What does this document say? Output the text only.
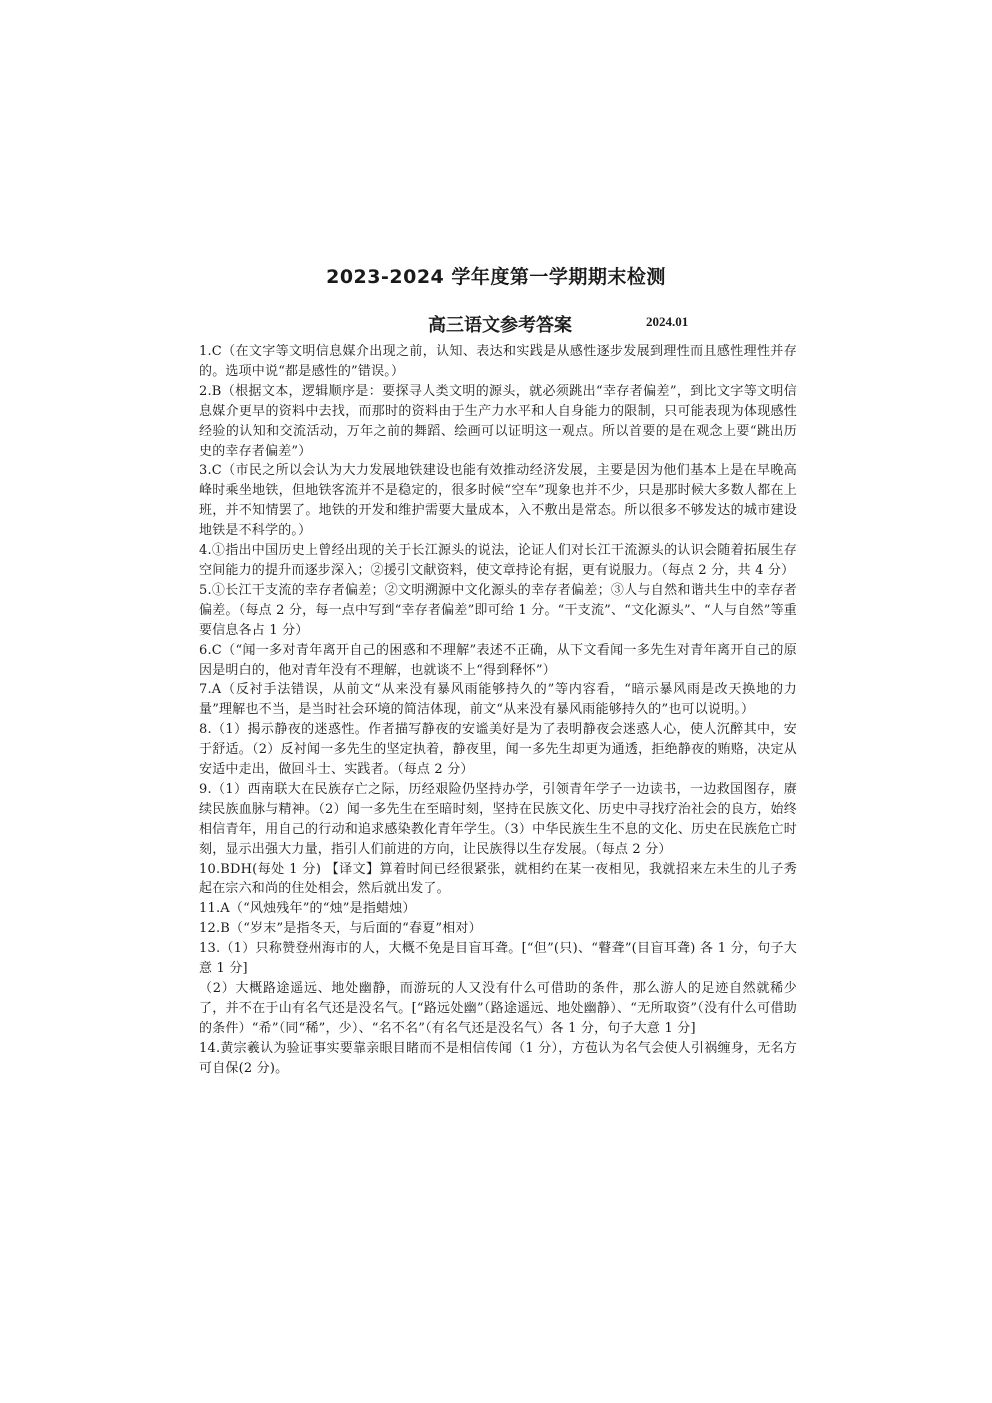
2023-2024 学年度第一学期期末检测
高三语文参考答案	2024.01

1.C（在文字等文明信息媒介出现之前，认知、表达和实践是从感性逐步发展到理性而且感性理性并存的。选项中说“都是感性的”错误。）

2.B（根据文本，逻辑顺序是：要探寻人类文明的源头，就必须跳出“幸存者偏差”，到比文字等文明信息媒介更早的资料中去找，而那时的资料由于生产力水平和人自身能力的限制，只可能表现为体现感性经验的认知和交流活动，万年之前的舞蹈、绘画可以证明这一观点。所以首要的是在观念上要“跳出历史的幸存者偏差”）

3.C（市民之所以会认为大力发展地铁建设也能有效推动经济发展，主要是因为他们基本上是在早晚高峰时乘坐地铁，但地铁客流并不是稳定的，很多时候“空车”现象也并不少，只是那时候大多数人都在上班，并不知情罢了。地铁的开发和维护需要大量成本，入不敷出是常态。所以很多不够发达的城市建设地铁是不科学的。）

4.①指出中国历史上曾经出现的关于长江源头的说法，论证人们对长江干流源头的认识会随着拓展生存空间能力的提升而逐步深入；②援引文献资料，使文章持论有据，更有说服力。（每点 2 分，共 4 分）

5.①长江干支流的幸存者偏差；②文明溯源中文化源头的幸存者偏差；③人与自然和谐共生中的幸存者偏差。（每点 2 分，每一点中写到“幸存者偏差”即可给 1 分。“干支流”、“文化源头”、“人与自然”等重要信息各占 1 分）

6.C（“闻一多对青年离开自己的困惑和不理解”表述不正确，从下文看闻一多先生对青年离开自己的原因是明白的，他对青年没有不理解，也就谈不上“得到释怀”）

7.A（反衬手法错误，从前文“从来没有暴风雨能够持久的”等内容看，“暗示暴风雨是改天换地的力量”理解也不当，是当时社会环境的简洁体现，前文“从来没有暴风雨能够持久的”也可以说明。）

8.（1）揭示静夜的迷惑性。作者描写静夜的安谧美好是为了表明静夜会迷惑人心，使人沉醉其中，安于舒适。（2）反衬闻一多先生的坚定执着，静夜里，闻一多先生却更为通透，拒绝静夜的贿赂，决定从安适中走出，做回斗士、实践者。（每点 2 分）

9.（1）西南联大在民族存亡之际，历经艰险仍坚持办学，引领青年学子一边读书，一边救国图存，赓续民族血脉与精神。（2）闻一多先生在至暗时刻，坚持在民族文化、历史中寻找疗治社会的良方，始终相信青年，用自己的行动和追求感染教化青年学生。（3）中华民族生生不息的文化、历史在民族危亡时刻，显示出强大力量，指引人们前进的方向，让民族得以生存发展。（每点 2 分）

10.BDH(每处 1 分) 【译文】算着时间已经很紧张，就相约在某一夜相见，我就招来左未生的儿子秀起在宗六和尚的住处相会，然后就出发了。

11.A（“风烛残年”的“烛”是指蜡烛）

12.B（“岁末”是指冬天，与后面的“春夏”相对）

13.（1）只称赞登州海市的人，大概不免是目盲耳聋。[“但”(只)、“瞽聋”(目盲耳聋) 各 1 分，句子大意 1 分]

（2）大概路途遥远、地处幽静，而游玩的人又没有什么可借助的条件，那么游人的足迹自然就稀少了，并不在于山有名气还是没名气。[“路远处幽”（路途遥远、地处幽静）、“无所取资”（没有什么可借助的条件）“希”（同“稀”，少）、“名不名”（有名气还是没名气）各 1 分，句子大意 1 分]

14.黄宗羲认为验证事实要靠亲眼目睹而不是相信传闻（1 分），方苞认为名气会使人引祸缠身，无名方可自保(2 分)。
